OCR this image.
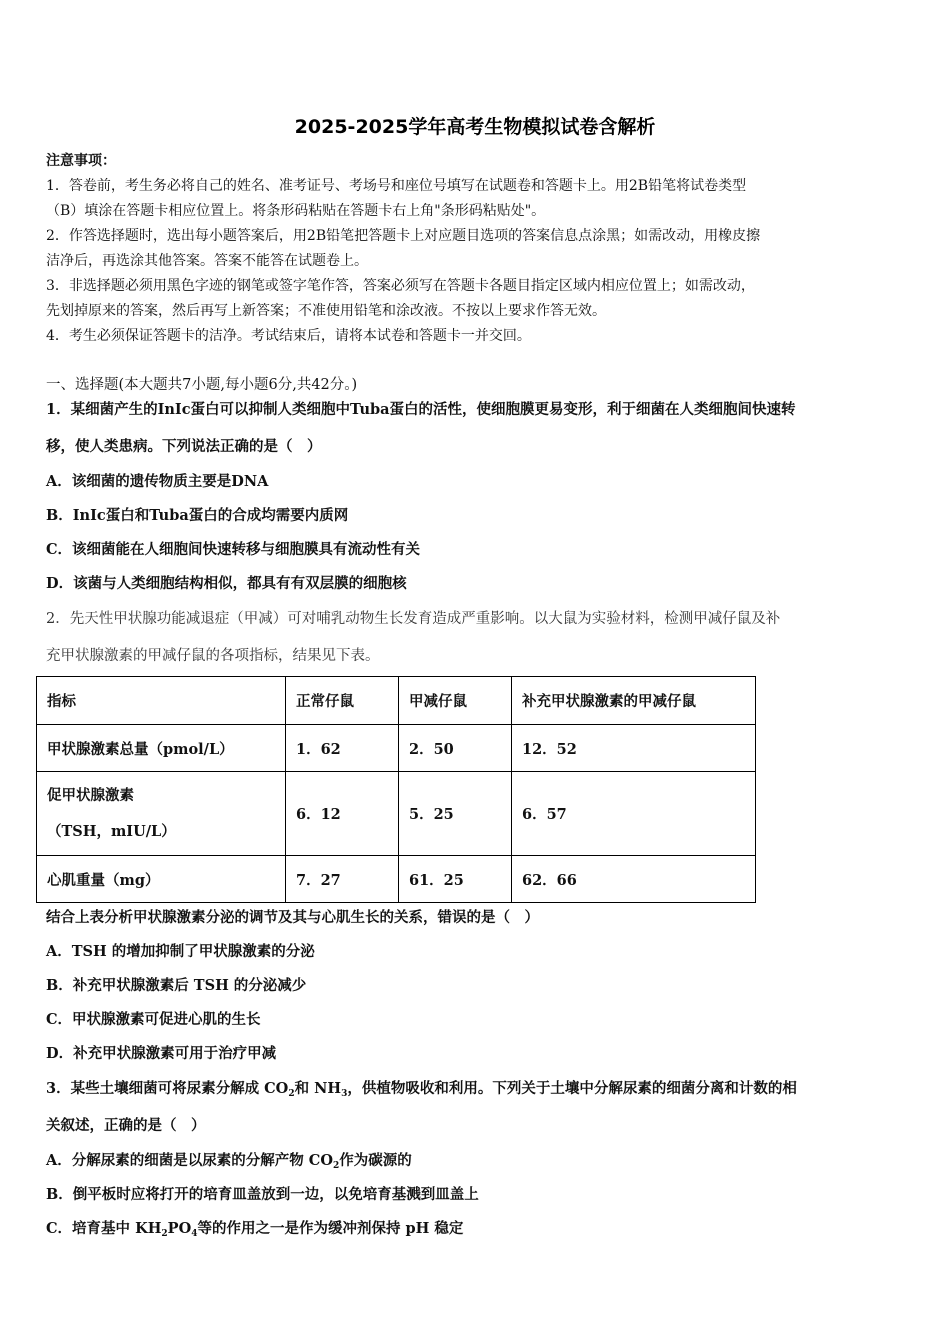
2025-2025学年高考生物模拟试卷含解析
注意事项：
1．答卷前，考生务必将自己的姓名、准考证号、考场号和座位号填写在试题卷和答题卡上。用2B铅笔将试卷类型
（B）填涂在答题卡相应位置上。将条形码粘贴在答题卡右上角"条形码粘贴处"。
2．作答选择题时，选出每小题答案后，用2B铅笔把答题卡上对应题目选项的答案信息点涂黑；如需改动，用橡皮擦
洁净后，再选涂其他答案。答案不能答在试题卷上。
3．非选择题必须用黑色字迹的钢笔或签字笔作答，答案必须写在答题卡各题目指定区域内相应位置上；如需改动，
先划掉原来的答案，然后再写上新答案；不准使用铅笔和涂改液。不按以上要求作答无效。
4．考生必须保证答题卡的洁净。考试结束后，请将本试卷和答题卡一并交回。
一、选择题(本大题共7小题,每小题6分,共42分。)
1．某细菌产生的InIc蛋白可以抑制人类细胞中Tuba蛋白的活性，使细胞膜更易变形，利于细菌在人类细胞间快速转
移，使人类患病。下列说法正确的是（　）
A．该细菌的遗传物质主要是DNA
B．InIc蛋白和Tuba蛋白的合成均需要内质网
C．该细菌能在人细胞间快速转移与细胞膜具有流动性有关
D．该菌与人类细胞结构相似，都具有有双层膜的细胞核
2．先天性甲状腺功能减退症（甲减）可对哺乳动物生长发育造成严重影响。以大鼠为实验材料，检测甲减仔鼠及补
充甲状腺激素的甲减仔鼠的各项指标，结果见下表。
指标	正常仔鼠	甲减仔鼠	补充甲状腺激素的甲减仔鼠
甲状腺激素总量（pmol/L）	1．62	2．50	12．52

促甲状腺激素
（TSH，mIU/L）	6．12	5．25	6．57
心肌重量（mg）	7．27	61．25	62．66
结合上表分析甲状腺激素分泌的调节及其与心肌生长的关系，错误的是（　）
A．TSH 的增加抑制了甲状腺激素的分泌
B．补充甲状腺激素后 TSH 的分泌减少
C．甲状腺激素可促进心肌的生长
D．补充甲状腺激素可用于治疗甲减
3．某些土壤细菌可将尿素分解成 $CO_2$和 $NH_3$，供植物吸收和利用。下列关于土壤中分解尿素的细菌分离和计数的相
关叙述，正确的是（　）
A．分解尿素的细菌是以尿素的分解产物 $CO_2$作为碳源的
B．倒平板时应将打开的培育皿盖放到一边，以免培育基溅到皿盖上
C．培育基中 $KH_2PO_4$等的作用之一是作为缓冲剂保持 pH 稳定
